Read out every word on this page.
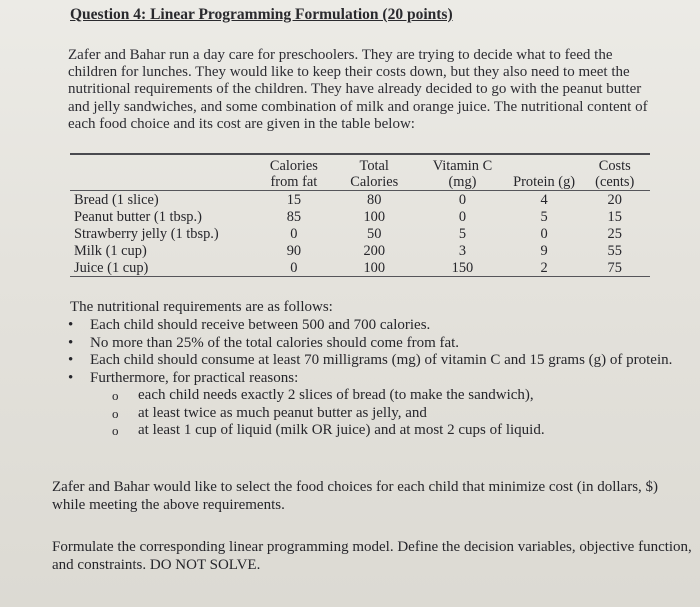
Question 4: Linear Programming Formulation (20 points)
Zafer and Bahar run a day care for preschoolers. They are trying to decide what to feed the children for lunches. They would like to keep their costs down, but they also need to meet the nutritional requirements of the children. They have already decided to go with the peanut butter and jelly sandwiches, and some combination of milk and orange juice. The nutritional content of each food choice and its cost are given in the table below:
	Calories from fat	Total Calories	Vitamin C (mg)	Protein (g)	Costs (cents)
Bread (1 slice)	15	80	0	4	20
Peanut butter (1 tbsp.)	85	100	0	5	15
Strawberry jelly (1 tbsp.)	0	50	5	0	25
Milk (1 cup)	90	200	3	9	55
Juice (1 cup)	0	100	150	2	75
The nutritional requirements are as follows:
• Each child should receive between 500 and 700 calories.
• No more than 25% of the total calories should come from fat.
• Each child should consume at least 70 milligrams (mg) of vitamin C and 15 grams (g) of protein.
• Furthermore, for practical reasons:
o each child needs exactly 2 slices of bread (to make the sandwich),
o at least twice as much peanut butter as jelly, and
o at least 1 cup of liquid (milk OR juice) and at most 2 cups of liquid.
Zafer and Bahar would like to select the food choices for each child that minimize cost (in dollars, $) while meeting the above requirements.
Formulate the corresponding linear programming model. Define the decision variables, objective function, and constraints. DO NOT SOLVE.
